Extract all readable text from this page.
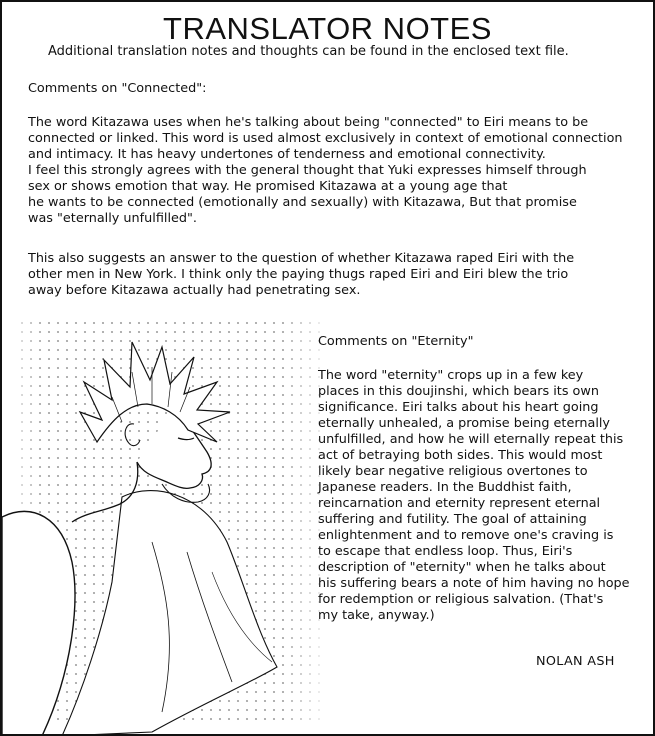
TRANSLATOR NOTES
Additional translation notes and thoughts can be found in the enclosed text file.
Comments on "Connected":
The word Kitazawa uses when he's talking about being "connected" to Eiri means to be
connected or linked. This word is used almost exclusively in context of emotional connection
and intimacy. It has heavy undertones of tenderness and emotional connectivity.
I feel this strongly agrees with the general thought that Yuki expresses himself through
sex or shows emotion that way. He promised Kitazawa at a young age that
he wants to be connected (emotionally and sexually) with Kitazawa, But that promise
was "eternally unfulfilled".
This also suggests an answer to the question of whether Kitazawa raped Eiri with the
other men in New York. I think only the paying thugs raped Eiri and Eiri blew the trio
away before Kitazawa actually had penetrating sex.
Comments on "Eternity"
The word "eternity" crops up in a few key
places in this doujinshi, which bears its own
significance. Eiri talks about his heart going
eternally unhealed, a promise being eternally
unfulfilled, and how he will eternally repeat this
act of betraying both sides. This would most
likely bear negative religious overtones to
Japanese readers. In the Buddhist faith,
reincarnation and eternity represent eternal
suffering and futility. The goal of attaining
enlightenment and to remove one's craving is
to escape that endless loop. Thus, Eiri's
description of "eternity" when he talks about
his suffering bears a note of him having no hope
for redemption or religious salvation. (That's
my take, anyway.)
NOLAN ASH
